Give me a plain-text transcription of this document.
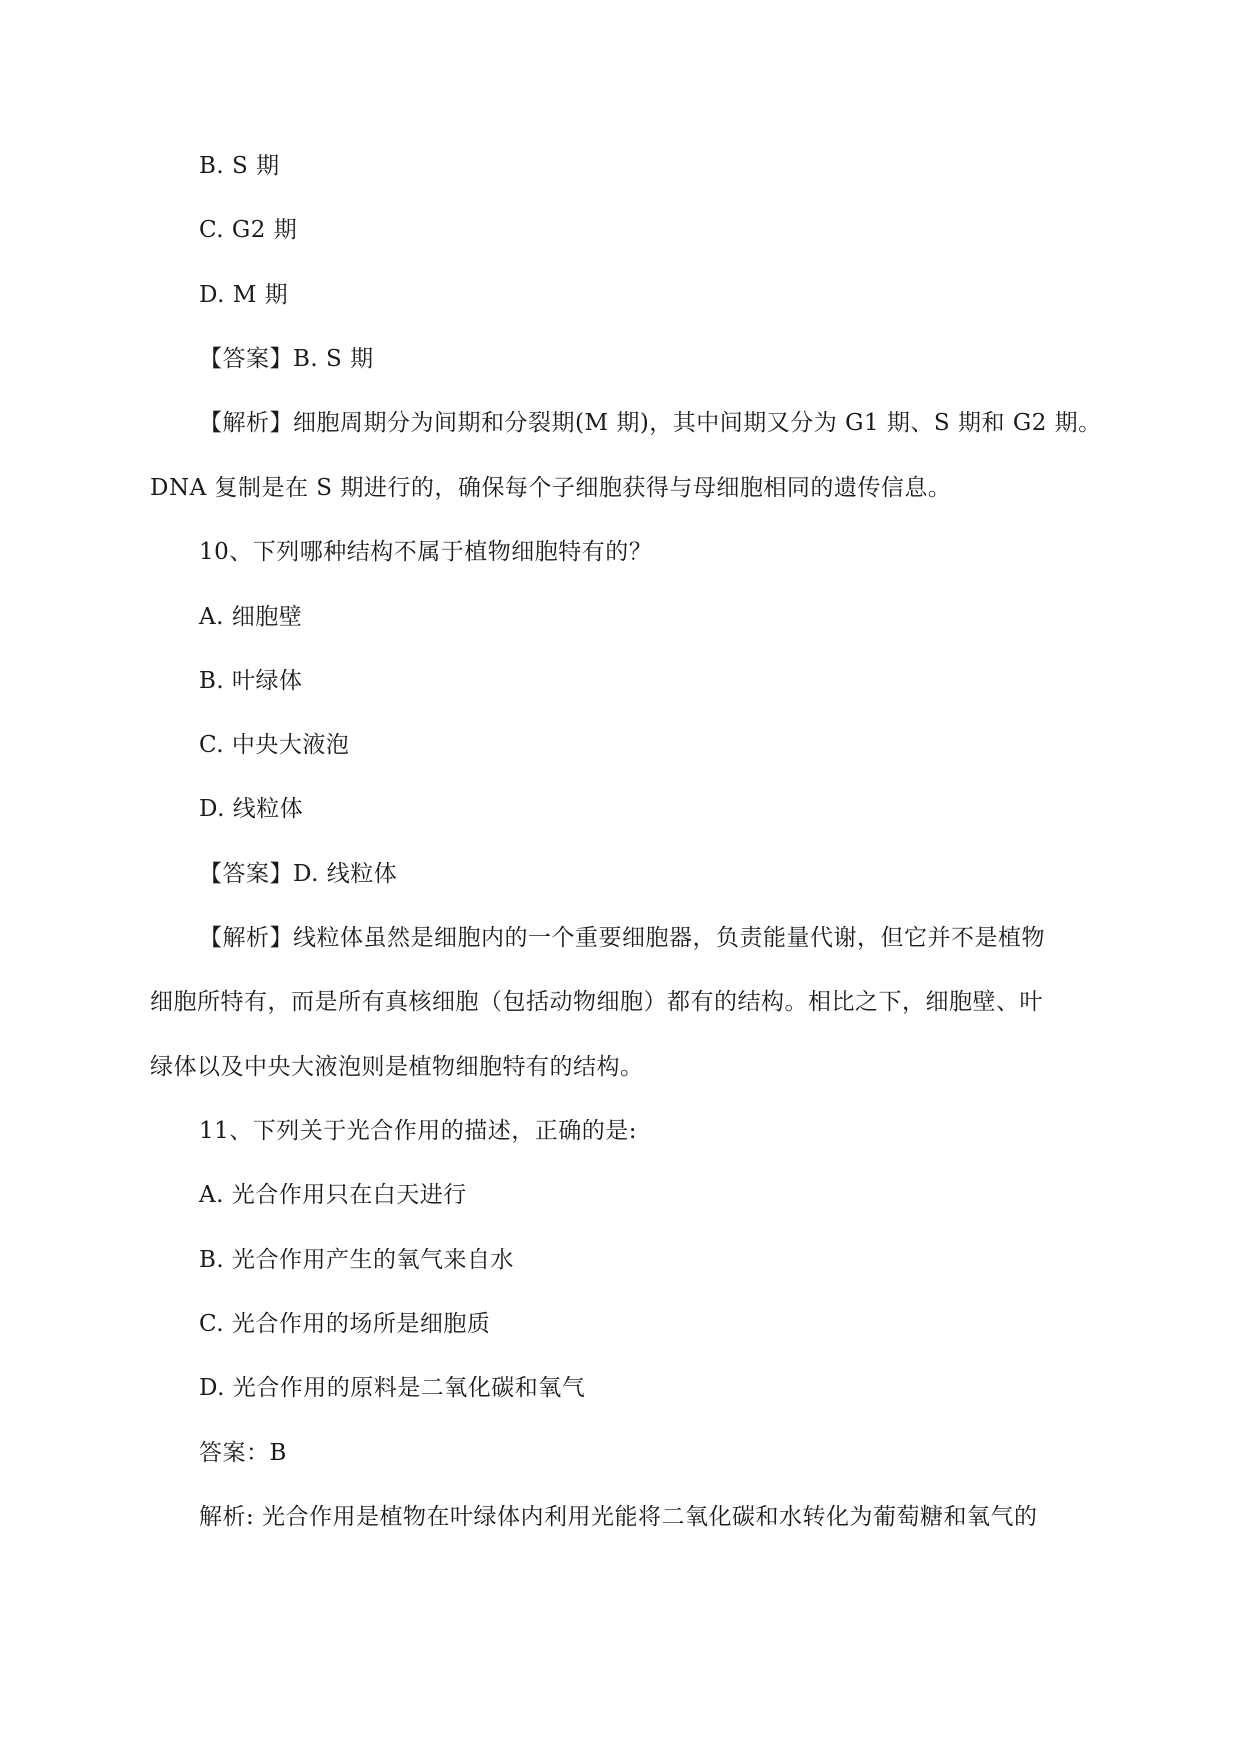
B. S 期
C. G2 期
D. M 期
【答案】B. S 期
【解析】细胞周期分为间期和分裂期(M 期)，其中间期又分为 G1 期、S 期和 G2 期。
DNA 复制是在 S 期进行的，确保每个子细胞获得与母细胞相同的遗传信息。
10、下列哪种结构不属于植物细胞特有的？
A. 细胞壁
B. 叶绿体
C. 中央大液泡
D. 线粒体
【答案】D. 线粒体
【解析】线粒体虽然是细胞内的一个重要细胞器，负责能量代谢，但它并不是植物
细胞所特有，而是所有真核细胞（包括动物细胞）都有的结构。相比之下，细胞壁、叶
绿体以及中央大液泡则是植物细胞特有的结构。
11、下列关于光合作用的描述，正确的是:
A. 光合作用只在白天进行
B. 光合作用产生的氧气来自水
C. 光合作用的场所是细胞质
D. 光合作用的原料是二氧化碳和氧气
答案：B
解析: 光合作用是植物在叶绿体内利用光能将二氧化碳和水转化为葡萄糖和氧气的
